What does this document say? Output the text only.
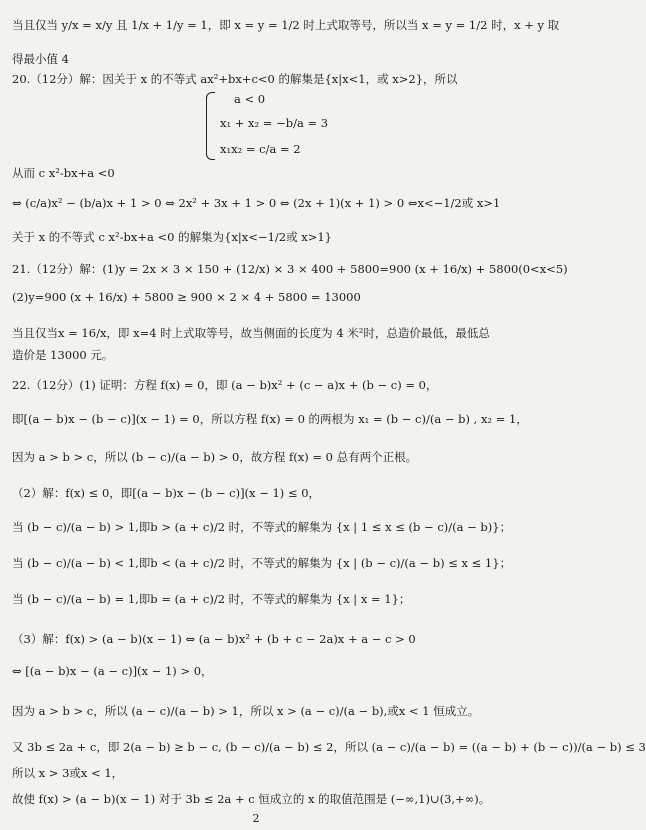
当且仅当 y/x = x/y 且 1/x + 1/y = 1，即 x = y = 1/2 时上式取等号，所以当 x = y = 1/2 时，x + y 取
得最小值 4
20.（12分）解：因关于 x 的不等式 ax²+bx+c<0 的解集是{x|x<1，或 x>2}，所以
a < 0
x₁ + x₂ = −b/a = 3
x₁x₂ = c/a = 2
从而 c x²-bx+a <0
⇔ (c/a)x² − (b/a)x + 1 > 0 ⇔ 2x² + 3x + 1 > 0 ⇔ (2x + 1)(x + 1) > 0 ⇔x<−1/2或 x>1
关于 x 的不等式 c x²-bx+a <0 的解集为{x|x<−1/2或 x>1}
21.（12分）解：(1)y = 2x × 3 × 150 + (12/x) × 3 × 400 + 5800=900 (x + 16/x) + 5800(0<x<5)
(2)y=900 (x + 16/x) + 5800 ≥ 900 × 2 × 4 + 5800 = 13000
当且仅当x = 16/x，即 x=4 时上式取等号，故当侧面的长度为 4 米²时，总造价最低，最低总
造价是 13000 元。
22.（12分）(1) 证明：方程 f(x) = 0，即 (a − b)x² + (c − a)x + (b − c) = 0，
即[(a − b)x − (b − c)](x − 1) = 0，所以方程 f(x) = 0 的两根为 x₁ = (b − c)/(a − b) , x₂ = 1，
因为 a > b > c，所以 (b − c)/(a − b) > 0，故方程 f(x) = 0 总有两个正根。
（2）解：f(x) ≤ 0，即[(a − b)x − (b − c)](x − 1) ≤ 0，
当 (b − c)/(a − b) > 1,即b > (a + c)/2 时，不等式的解集为 {x | 1 ≤ x ≤ (b − c)/(a − b)}；
当 (b − c)/(a − b) < 1,即b < (a + c)/2 时，不等式的解集为 {x | (b − c)/(a − b) ≤ x ≤ 1}；
当 (b − c)/(a − b) = 1,即b = (a + c)/2 时，不等式的解集为 {x | x = 1}；
（3）解：f(x) > (a − b)(x − 1) ⇔ (a − b)x² + (b + c − 2a)x + a − c > 0
⇔ [(a − b)x − (a − c)](x − 1) > 0，
因为 a > b > c，所以 (a − c)/(a − b) > 1，所以 x > (a − c)/(a − b),或x < 1 恒成立。
又 3b ≤ 2a + c，即 2(a − b) ≥ b − c, (b − c)/(a − b) ≤ 2，所以 (a − c)/(a − b) = ((a − b) + (b − c))/(a − b) ≤ 3
所以 x > 3或x < 1，
故使 f(x) > (a − b)(x − 1) 对于 3b ≤ 2a + c 恒成立的 x 的取值范围是 (−∞,1)∪(3,+∞)。
2
